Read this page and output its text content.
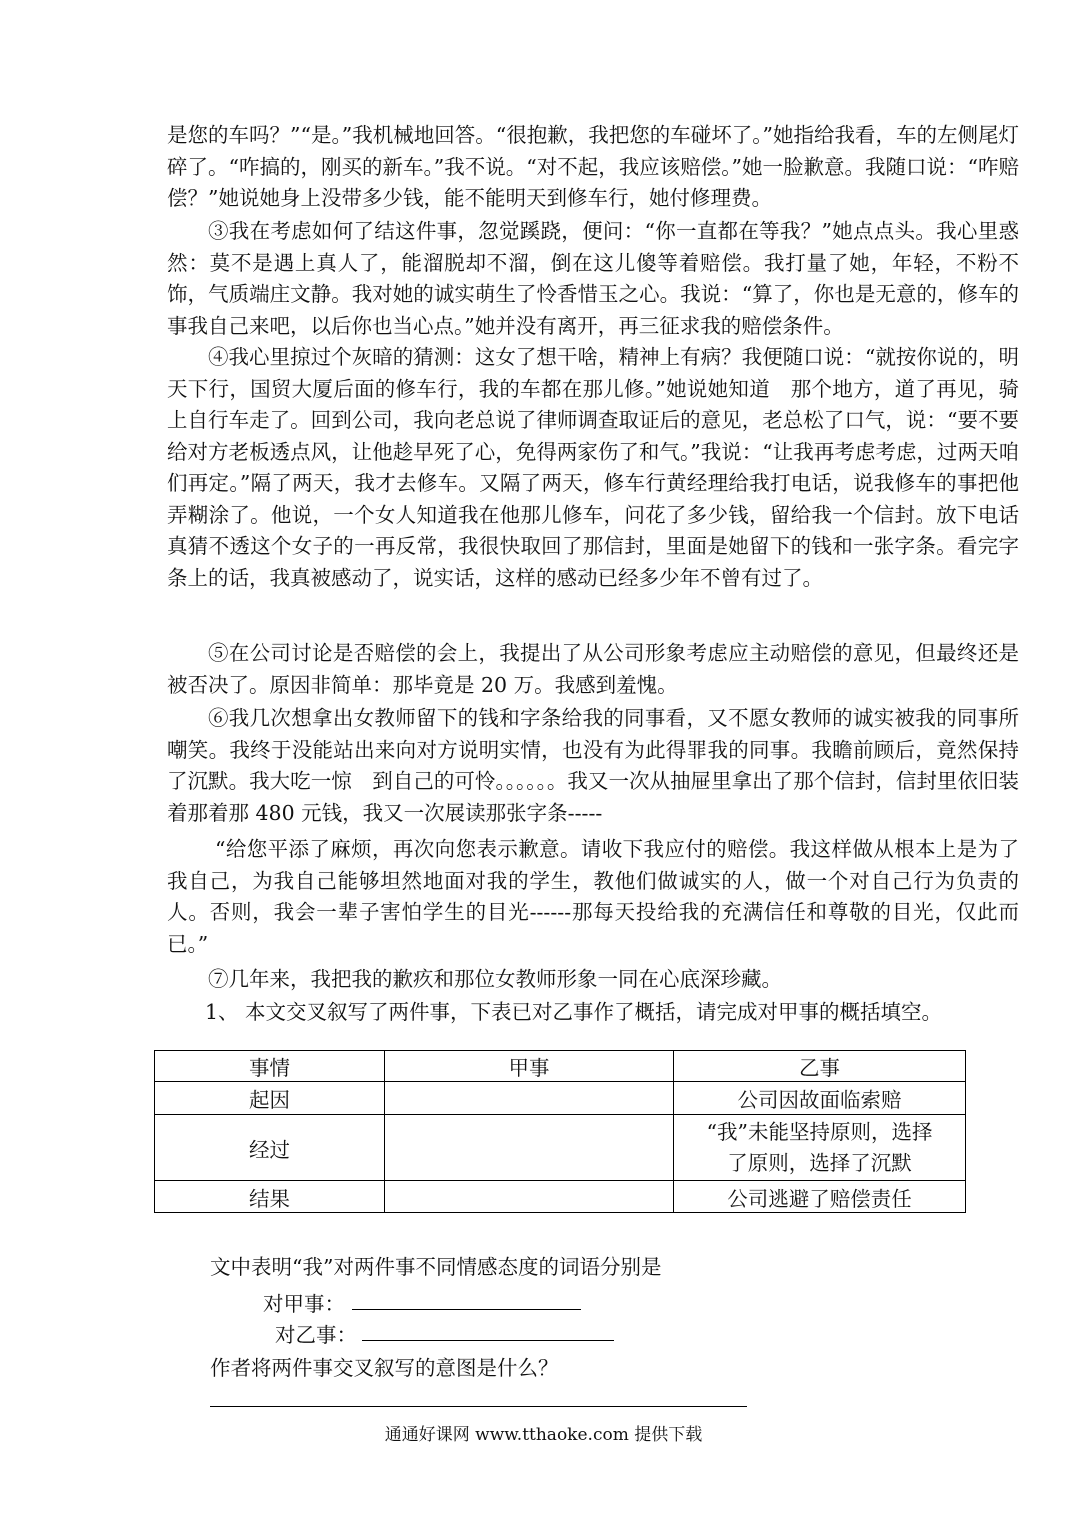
是您的车吗？”“是。”我机械地回答。“很抱歉，我把您的车碰坏了。”她指给我看，车的左侧尾灯碎了。“咋搞的，刚买的新车。”我不说。“对不起，我应该赔偿。”她一脸歉意。我随口说：“咋赔偿？”她说她身上没带多少钱，能不能明天到修车行，她付修理费。

③我在考虑如何了结这件事，忽觉蹊跷，便问：“你一直都在等我？”她点点头。我心里惑然：莫不是遇上真人了，能溜脱却不溜，倒在这儿傻等着赔偿。我打量了她，年轻，不粉不饰，气质端庄文静。我对她的诚实萌生了怜香惜玉之心。我说：“算了，你也是无意的，修车的事我自己来吧，以后你也当心点。”她并没有离开，再三征求我的赔偿条件。

④我心里掠过个灰暗的猜测：这女了想干啥，精神上有病？我便随口说：“就按你说的，明天下行，国贸大厦后面的修车行，我的车都在那儿修。”她说她知道　那个地方，道了再见，骑上自行车走了。回到公司，我向老总说了律师调查取证后的意见，老总松了口气，说：“要不要给对方老板透点风，让他趁早死了心，免得两家伤了和气。”我说：“让我再考虑考虑，过两天咱们再定。”隔了两天，我才去修车。又隔了两天，修车行黄经理给我打电话，说我修车的事把他弄糊涂了。他说，一个女人知道我在他那儿修车，问花了多少钱，留给我一个信封。放下电话真猜不透这个女子的一再反常，我很快取回了那信封，里面是她留下的钱和一张字条。看完字条上的话，我真被感动了，说实话，这样的感动已经多少年不曾有过了。

⑤在公司讨论是否赔偿的会上，我提出了从公司形象考虑应主动赔偿的意见，但最终还是被否决了。原因非简单：那毕竟是 20 万。我感到羞愧。

⑥我几次想拿出女教师留下的钱和字条给我的同事看，又不愿女教师的诚实被我的同事所嘲笑。我终于没能站出来向对方说明实情，也没有为此得罪我的同事。我瞻前顾后，竟然保持了沉默。我大吃一惊　到自己的可怜。。。。。。我又一次从抽屉里拿出了那个信封，信封里依旧装着那着那 480 元钱，我又一次展读那张字条-----

“给您平添了麻烦，再次向您表示歉意。请收下我应付的赔偿。我这样做从根本上是为了我自己，为我自己能够坦然地面对我的学生，教他们做诚实的人，做一个对自己行为负责的人。否则，我会一辈子害怕学生的目光------那每天投给我的充满信任和尊敬的目光，仅此而已。”

⑦几年来，我把我的歉疚和那位女教师形象一同在心底深珍藏。

1、 本文交叉叙写了两件事，下表已对乙事作了概括，请完成对甲事的概括填空。

事情	甲事	乙事
起因		公司因故面临索赔
经过		“我”未能坚持原则，选择
了原则，选择了沉默
结果		公司逃避了赔偿责任

文中表明“我”对两件事不同情感态度的词语分别是

对甲事：

对乙事：

作者将两件事交叉叙写的意图是什么？

通通好课网 www.tthaoke.com 提供下载
